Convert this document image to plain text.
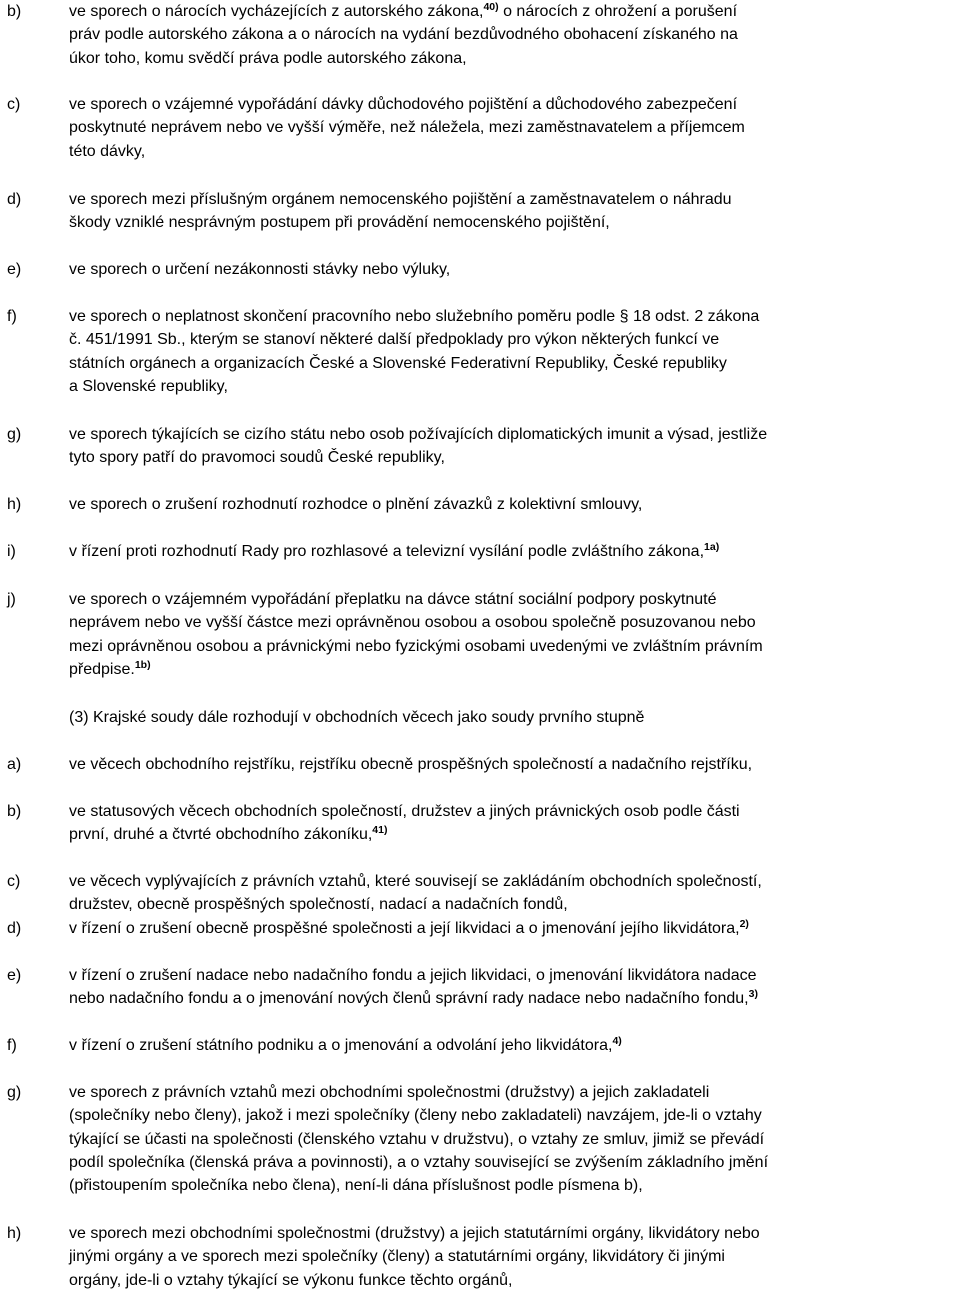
b)	ve sporech o nárocích vycházejících z autorského zákona,$^{40)}$ o nárocích z ohrožení a porušení
práv podle autorského zákona a o nárocích na vydání bezdůvodného obohacení získaného na
úkor toho, komu svědčí práva podle autorského zákona,
c)	ve sporech o vzájemné vypořádání dávky důchodového pojištění a důchodového zabezpečení
poskytnuté neprávem nebo ve vyšší výměře, než náležela, mezi zaměstnavatelem a příjemcem
této dávky,
d)	ve sporech mezi příslušným orgánem nemocenského pojištění a zaměstnavatelem o náhradu
škody vzniklé nesprávným postupem při provádění nemocenského pojištění,
e)	ve sporech o určení nezákonnosti stávky nebo výluky,
f)	ve sporech o neplatnost skončení pracovního nebo služebního poměru podle § 18 odst. 2 zákona
č. 451/1991 Sb., kterým se stanoví některé další předpoklady pro výkon některých funkcí ve
státních orgánech a organizacích České a Slovenské Federativní Republiky, České republiky
a Slovenské republiky,
g)	ve sporech týkajících se cizího státu nebo osob požívajících diplomatických imunit a výsad, jestliže
tyto spory patří do pravomoci soudů České republiky,
h)	ve sporech o zrušení rozhodnutí rozhodce o plnění závazků z kolektivní smlouvy,
i)	v řízení proti rozhodnutí Rady pro rozhlasové a televizní vysílání podle zvláštního zákona,$^{1a)}$
j)	ve sporech o vzájemném vypořádání přeplatku na dávce státní sociální podpory poskytnuté
neprávem nebo ve vyšší částce mezi oprávněnou osobou a osobou společně posuzovanou nebo
mezi oprávněnou osobou a právnickými nebo fyzickými osobami uvedenými ve zvláštním právním
předpise.$^{1b)}$
(3) Krajské soudy dále rozhodují v obchodních věcech jako soudy prvního stupně
a)	ve věcech obchodního rejstříku, rejstříku obecně prospěšných společností a nadačního rejstříku,
b)	ve statusových věcech obchodních společností, družstev a jiných právnických osob podle části
první, druhé a čtvrté obchodního zákoníku,$^{41)}$
c)	ve věcech vyplývajících z právních vztahů, které souvisejí se zakládáním obchodních společností,
družstev, obecně prospěšných společností, nadací a nadačních fondů,
d)	v řízení o zrušení obecně prospěšné společnosti a její likvidaci a o jmenování jejího likvidátora,$^{2)}$
e)	v řízení o zrušení nadace nebo nadačního fondu a jejich likvidaci, o jmenování likvidátora nadace
nebo nadačního fondu a o jmenování nových členů správní rady nadace nebo nadačního fondu,$^{3)}$
f)	v řízení o zrušení státního podniku a o jmenování a odvolání jeho likvidátora,$^{4)}$
g)	ve sporech z právních vztahů mezi obchodními společnostmi (družstvy) a jejich zakladateli
(společníky nebo členy), jakož i mezi společníky (členy nebo zakladateli) navzájem, jde-li o vztahy
týkající se účasti na společnosti (členského vztahu v družstvu), o vztahy ze smluv, jimiž se převádí
podíl společníka (členská práva a povinnosti), a o vztahy související se zvýšením základního jmění
(přistoupením společníka nebo člena), není-li dána příslušnost podle písmena b),
h)	ve sporech mezi obchodními společnostmi (družstvy) a jejich statutárními orgány, likvidátory nebo
jinými orgány a ve sporech mezi společníky (členy) a statutárními orgány, likvidátory či jinými
orgány, jde-li o vztahy týkající se výkonu funkce těchto orgánů,
